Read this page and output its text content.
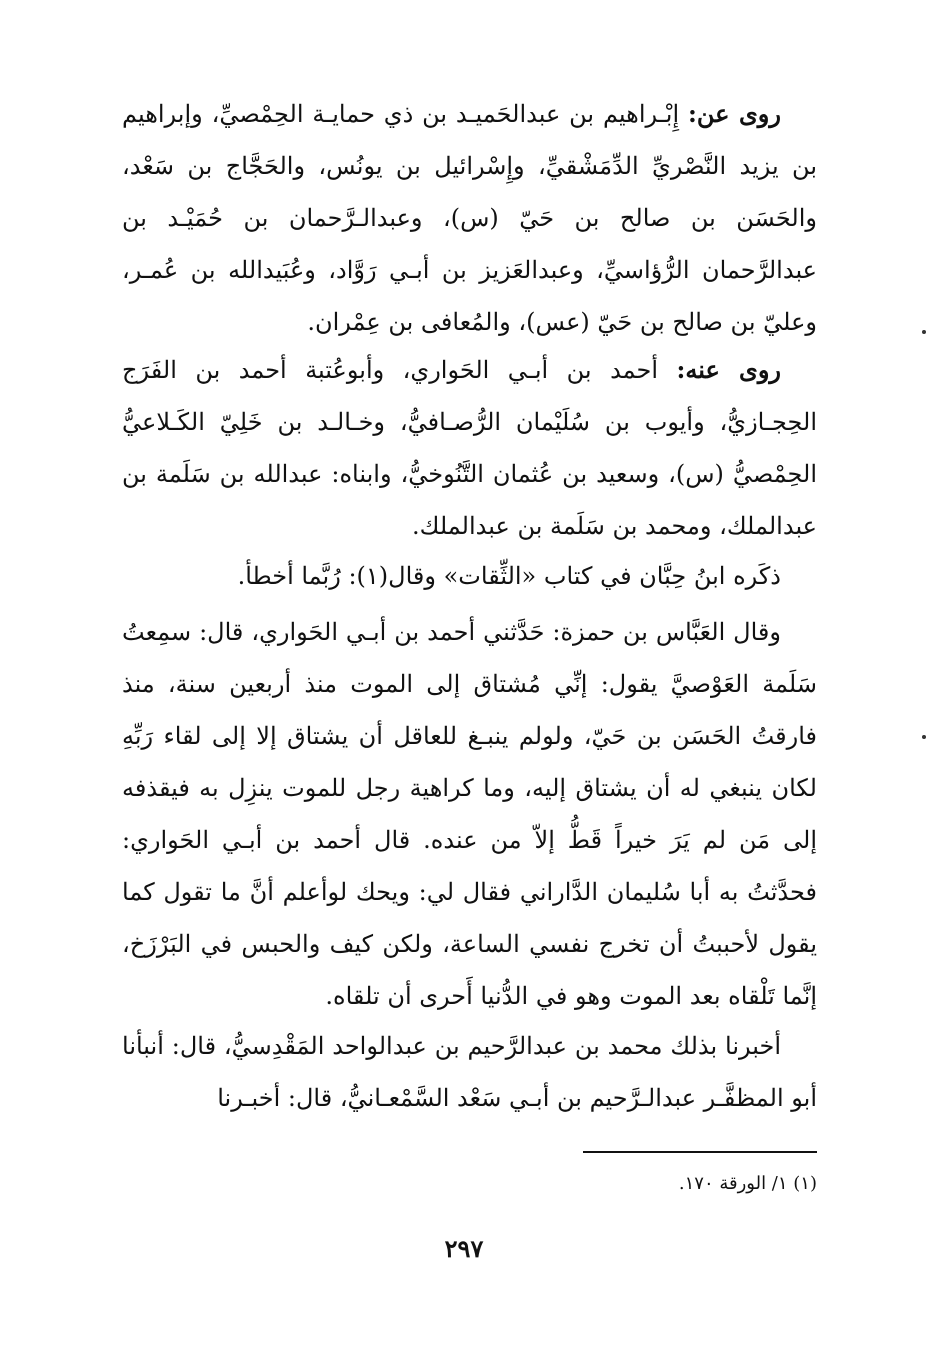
روى عن: إِبْـراهيم بن عبدالحَميـد بن ذي حمايـة الحِمْصيِّ، وإبراهيم بن يزيد النَّصْريِّ الدِّمَشْقيِّ، وإِسْرائيل بن يونُس، والحَجَّاج بن سَعْد، والحَسَن بن صالح بن حَيّ (س)، وعبدالـرَّحمان بن حُمَيْـد بن عبدالرَّحمان الرُّؤاسيِّ، وعبدالعَزيز بن أبـي رَوَّاد، وعُبَيدالله بن عُمـر، وعليّ بن صالح بن حَيّ (عس)، والمُعافى بن عِمْران.
روى عنه: أحمد بن أبـي الحَواري، وأبوعُتبة أحمد بن الفَرَج الحِجـازيُّ، وأيوب بن سُلَيْمان الرُّصـافيُّ، وخـالـد بن خَلِيّ الكَـلاعيُّ الحِمْصيُّ (س)، وسعيد بن عُثمان التَّنُوخيُّ، وابناه: عبدالله بن سَلَمة بن عبدالملك، ومحمد بن سَلَمة بن عبدالملك.
ذكَره ابنُ حِبَّان في كتاب «الثِّقات» وقال(١): رُبَّما أخطأ.
وقال العَبَّاس بن حمزة: حَدَّثني أحمد بن أبـي الحَواري، قال: سمِعتُ سَلَمة العَوْصيَّ يقول: إنِّي مُشتاق إلى الموت منذ أربعين سنة، منذ فارقتُ الحَسَن بن حَيّ، ولولم ينبـغ للعاقل أن يشتاق إلا إلى لقاء رَبِّهِ لكان ينبغي له أن يشتاق إليه، وما كراهية رجل للموت ينزِل به فيقذفه إلى مَن لم يَرَ خيراً قَطُّ إلاّ من عنده. قال أحمد بن أبـي الحَواري: فحدَّثتُ به أبا سُليمان الدَّاراني فقال لي: ويحك لوأعلم أنَّ ما تقول كما يقول لأحببتُ أن تخرج نفسي الساعة، ولكن كيف والحبس في البَرْزَخ، إنَّما تَلْقاه بعد الموت وهو في الدُّنيا أَحرى أن تلقاه.
أخبرنا بذلك محمد بن عبدالرَّحيم بن عبدالواحد المَقْدِسيُّ، قال: أنبأنا أبو المظفَّـر عبدالـرَّحيم بن أبـي سَعْد السَّمْعـانيُّ، قال: أخبـرنا
(١) ١/ الورقة ١٧٠.
٢٩٧
